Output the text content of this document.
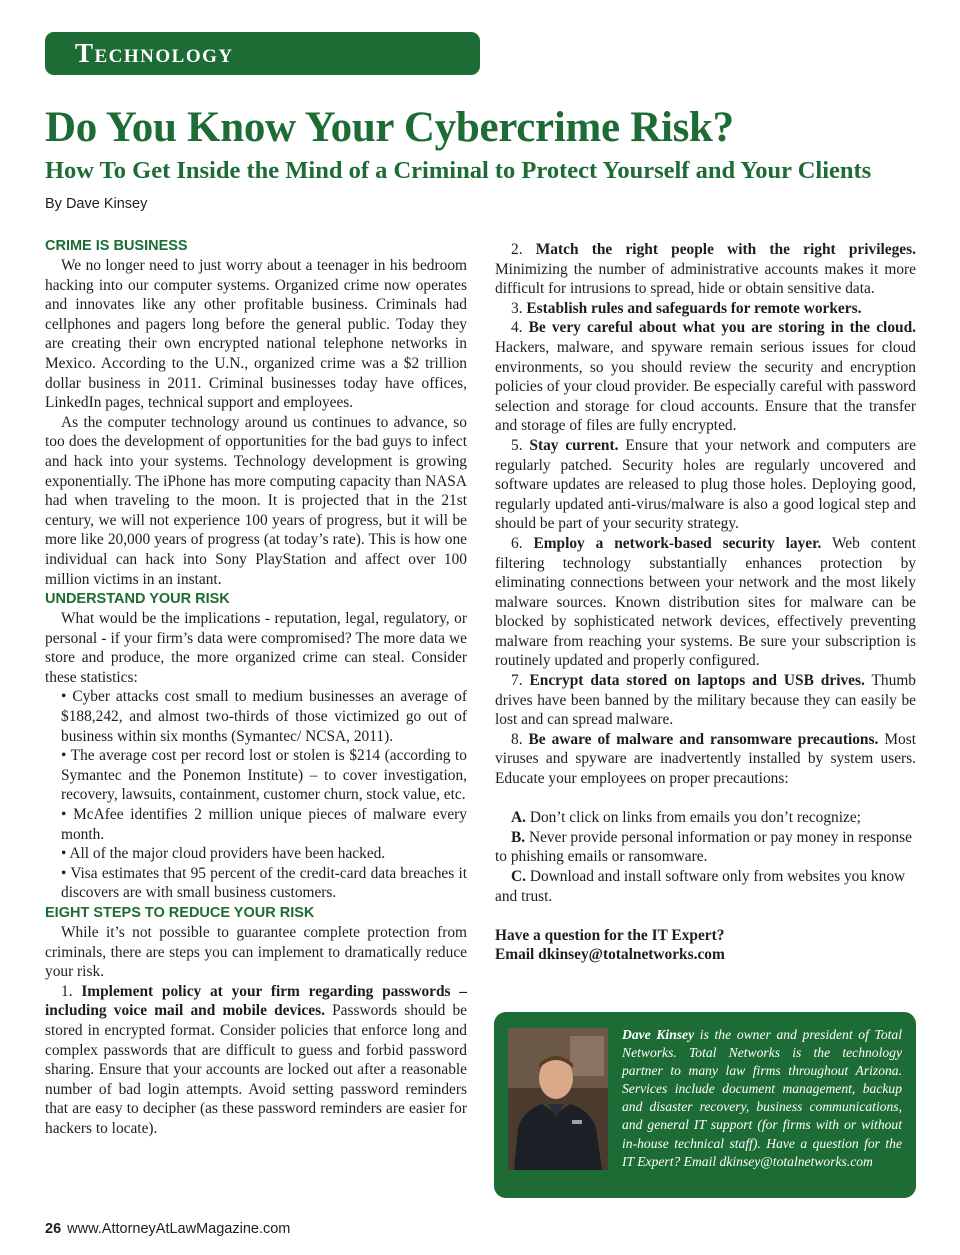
Technology
Do You Know Your Cybercrime Risk?
How To Get Inside the Mind of a Criminal to Protect Yourself and Your Clients
By Dave Kinsey
CRIME IS BUSINESS

We no longer need to just worry about a teenager in his bedroom hacking into our computer systems. Organized crime now operates and innovates like any other profitable business. Criminals had cellphones and pagers long before the general public. Today they are creating their own encrypted national telephone networks in Mexico. According to the U.N., organized crime was a $2 trillion dollar business in 2011. Criminal businesses today have offices, LinkedIn pages, technical support and employees.

As the computer technology around us continues to advance, so too does the development of opportunities for the bad guys to infect and hack into your systems. Technology development is growing exponentially. The iPhone has more computing capacity than NASA had when traveling to the moon. It is projected that in the 21st century, we will not experience 100 years of progress, but it will be more like 20,000 years of progress (at today’s rate). This is how one individual can hack into Sony PlayStation and affect over 100 million victims in an instant.

UNDERSTAND YOUR RISK

What would be the implications - reputation, legal, regulatory, or personal - if your firm’s data were compromised? The more data we store and produce, the more organized crime can steal. Consider these statistics:

• Cyber attacks cost small to medium businesses an average of $188,242, and almost two-thirds of those victimized go out of business within six months (Symantec/ NCSA, 2011).

• The average cost per record lost or stolen is $214 (according to Symantec and the Ponemon Institute) – to cover investigation, recovery, lawsuits, containment, customer churn, stock value, etc.

• McAfee identifies 2 million unique pieces of malware every month.

• All of the major cloud providers have been hacked.

• Visa estimates that 95 percent of the credit-card data breaches it discovers are with small business customers.

EIGHT STEPS TO REDUCE YOUR RISK

While it’s not possible to guarantee complete protection from criminals, there are steps you can implement to dramatically reduce your risk.

1. Implement policy at your firm regarding passwords – including voice mail and mobile devices. Passwords should be stored in encrypted format. Consider policies that enforce long and complex passwords that are difficult to guess and forbid password sharing. Ensure that your accounts are locked out after a reasonable number of bad login attempts. Avoid setting password reminders that are easy to decipher (as these password reminders are easier for hackers to locate).

2. Match the right people with the right privileges. Minimizing the number of administrative accounts makes it more difficult for intrusions to spread, hide or obtain sensitive data.

3. Establish rules and safeguards for remote workers.

4. Be very careful about what you are storing in the cloud. Hackers, malware, and spyware remain serious issues for cloud environments, so you should review the security and encryption policies of your cloud provider. Be especially careful with password selection and storage for cloud accounts. Ensure that the transfer and storage of files are fully encrypted.

5. Stay current. Ensure that your network and computers are regularly patched. Security holes are regularly uncovered and software updates are released to plug those holes. Deploying good, regularly updated anti-virus/malware is also a good logical step and should be part of your security strategy.

6. Employ a network-based security layer. Web content filtering technology substantially enhances protection by eliminating connections between your network and the most likely malware sources. Known distribution sites for malware can be blocked by sophisticated network devices, effectively preventing malware from reaching your systems. Be sure your subscription is routinely updated and properly configured.

7. Encrypt data stored on laptops and USB drives. Thumb drives have been banned by the military because they can easily be lost and can spread malware.

8. Be aware of malware and ransomware precautions. Most viruses and spyware are inadvertently installed by system users. Educate your employees on proper precautions:

A. Don’t click on links from emails you don’t recognize;

B. Never provide personal information or pay money in response to phishing emails or ransomware.

C. Download and install software only from websites you know and trust.

Have a question for the IT Expert?

Email dkinsey@totalnetworks.com

Dave Kinsey is the owner and president of Total Networks. Total Networks is the technology partner to many law firms throughout Arizona. Services include document management, backup and disaster recovery, business communications, and general IT support (for firms with or without in-house technical staff). Have a question for the IT Expert? Email dkinsey@totalnetworks.com
26 www.AttorneyAtLawMagazine.com
